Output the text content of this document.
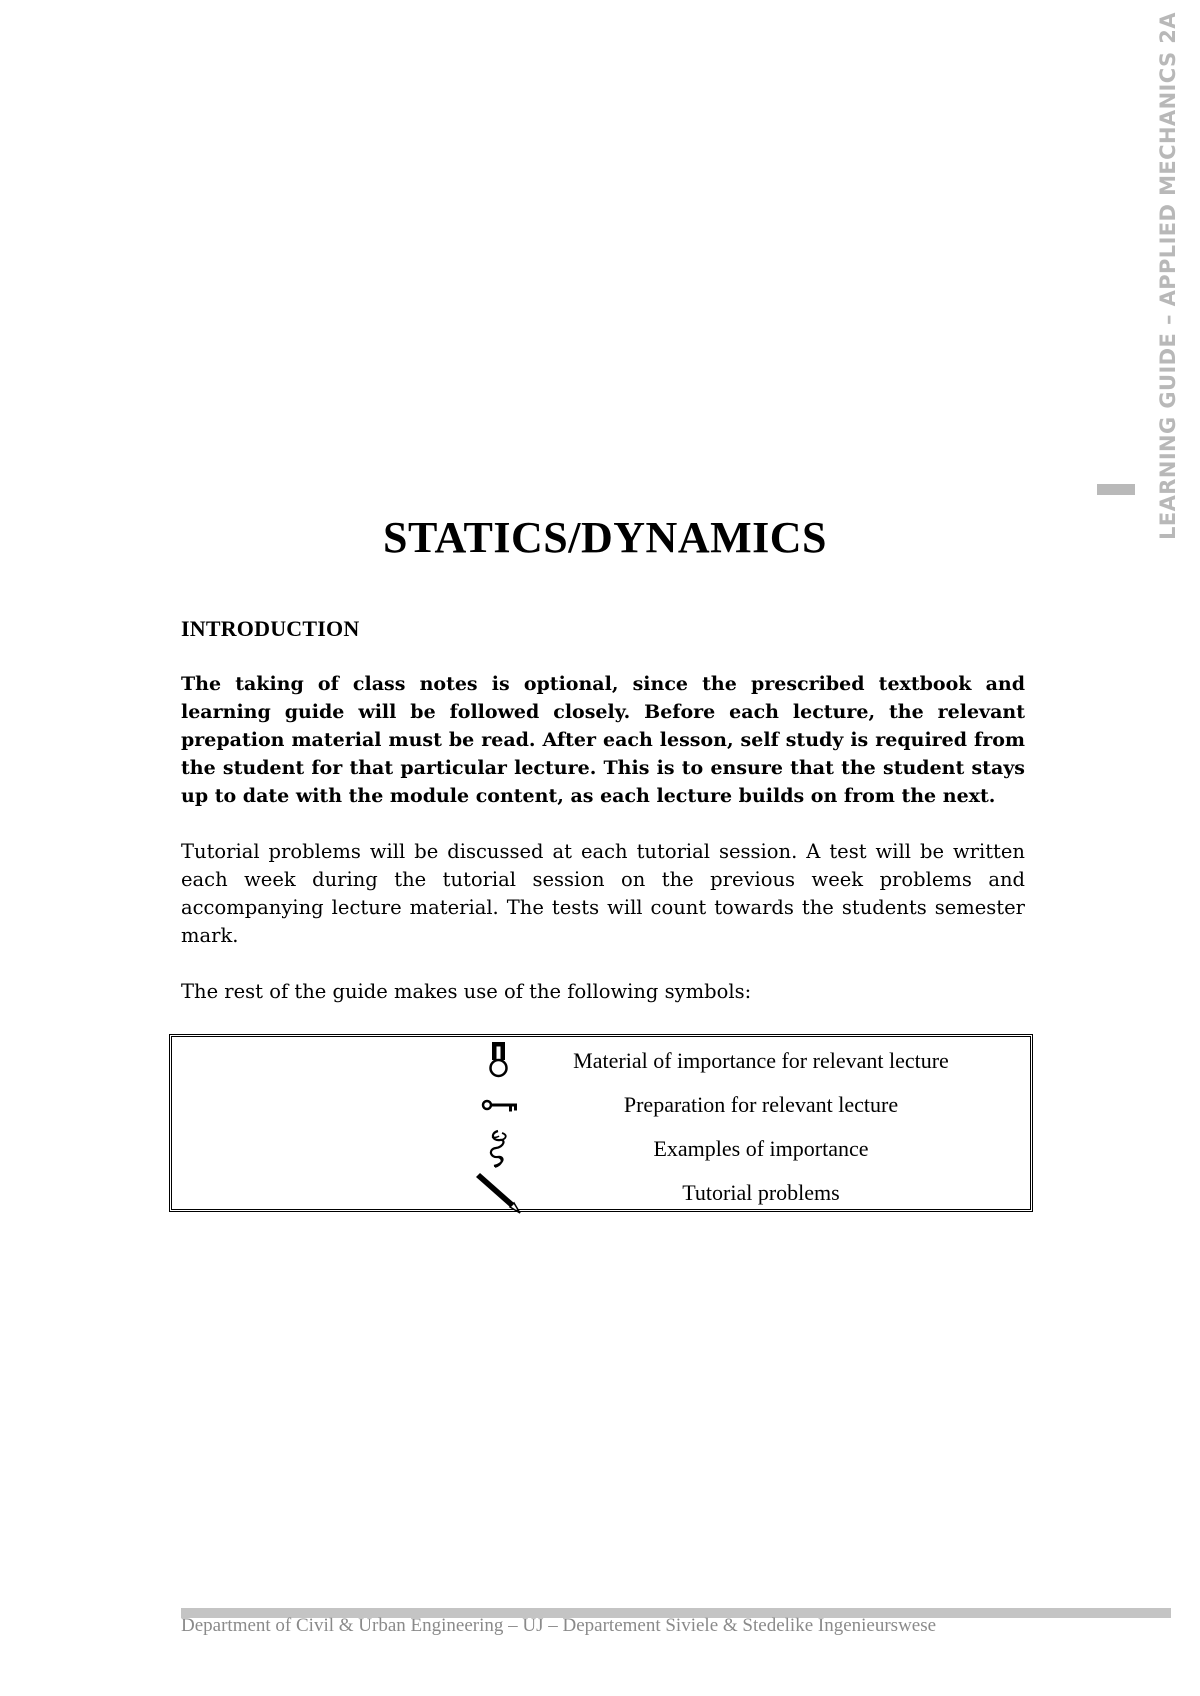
LEARNING GUIDE – APPLIED MECHANICS 2A
STATICS/DYNAMICS
INTRODUCTION

The taking of class notes is optional, since the prescribed textbook and learning guide will be followed closely. Before each lecture, the relevant prepation material must be read. After each lesson, self study is required from the student for that particular lecture. This is to ensure that the student stays up to date with the module content, as each lecture builds on from the next.

Tutorial problems will be discussed at each tutorial session. A test will be written each week during the tutorial session on the previous week problems and accompanying lecture material. The tests will count towards the students semester mark.

The rest of the guide makes use of the following symbols:

Material of importance for relevant lecture
Preparation for relevant lecture
Examples of importance
Tutorial problems

Department of Civil & Urban Engineering – UJ – Departement Siviele & Stedelike Ingenieurswese
